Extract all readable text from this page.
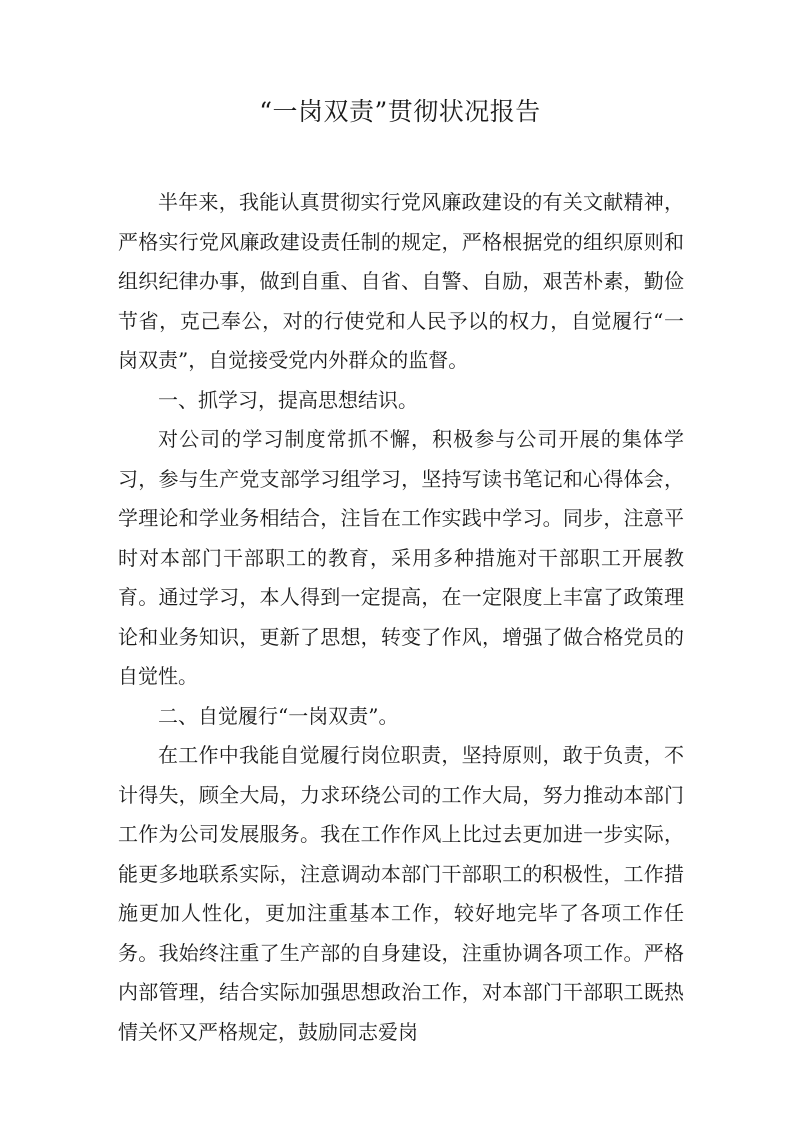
“一岗双责”贯彻状况报告

半年来，我能认真贯彻实行党风廉政建设的有关文献精神，严格实行党风廉政建设责任制的规定，严格根据党的组织原则和组织纪律办事，做到自重、自省、自警、自励，艰苦朴素，勤俭节省，克己奉公，对的行使党和人民予以的权力，自觉履行“一岗双责”，自觉接受党内外群众的监督。

一、抓学习，提高思想结识。

对公司的学习制度常抓不懈，积极参与公司开展的集体学习，参与生产党支部学习组学习，坚持写读书笔记和心得体会，学理论和学业务相结合，注旨在工作实践中学习。同步，注意平时对本部门干部职工的教育，采用多种措施对干部职工开展教育。通过学习，本人得到一定提高，在一定限度上丰富了政策理论和业务知识，更新了思想，转变了作风，增强了做合格党员的自觉性。

二、自觉履行“一岗双责”。

在工作中我能自觉履行岗位职责，坚持原则，敢于负责，不计得失，顾全大局，力求环绕公司的工作大局，努力推动本部门工作为公司发展服务。我在工作作风上比过去更加进一步实际，能更多地联系实际，注意调动本部门干部职工的积极性，工作措施更加人性化，更加注重基本工作，较好地完毕了各项工作任务。我始终注重了生产部的自身建设，注重协调各项工作。严格内部管理，结合实际加强思想政治工作，对本部门干部职工既热情关怀又严格规定，鼓励同志爱岗
